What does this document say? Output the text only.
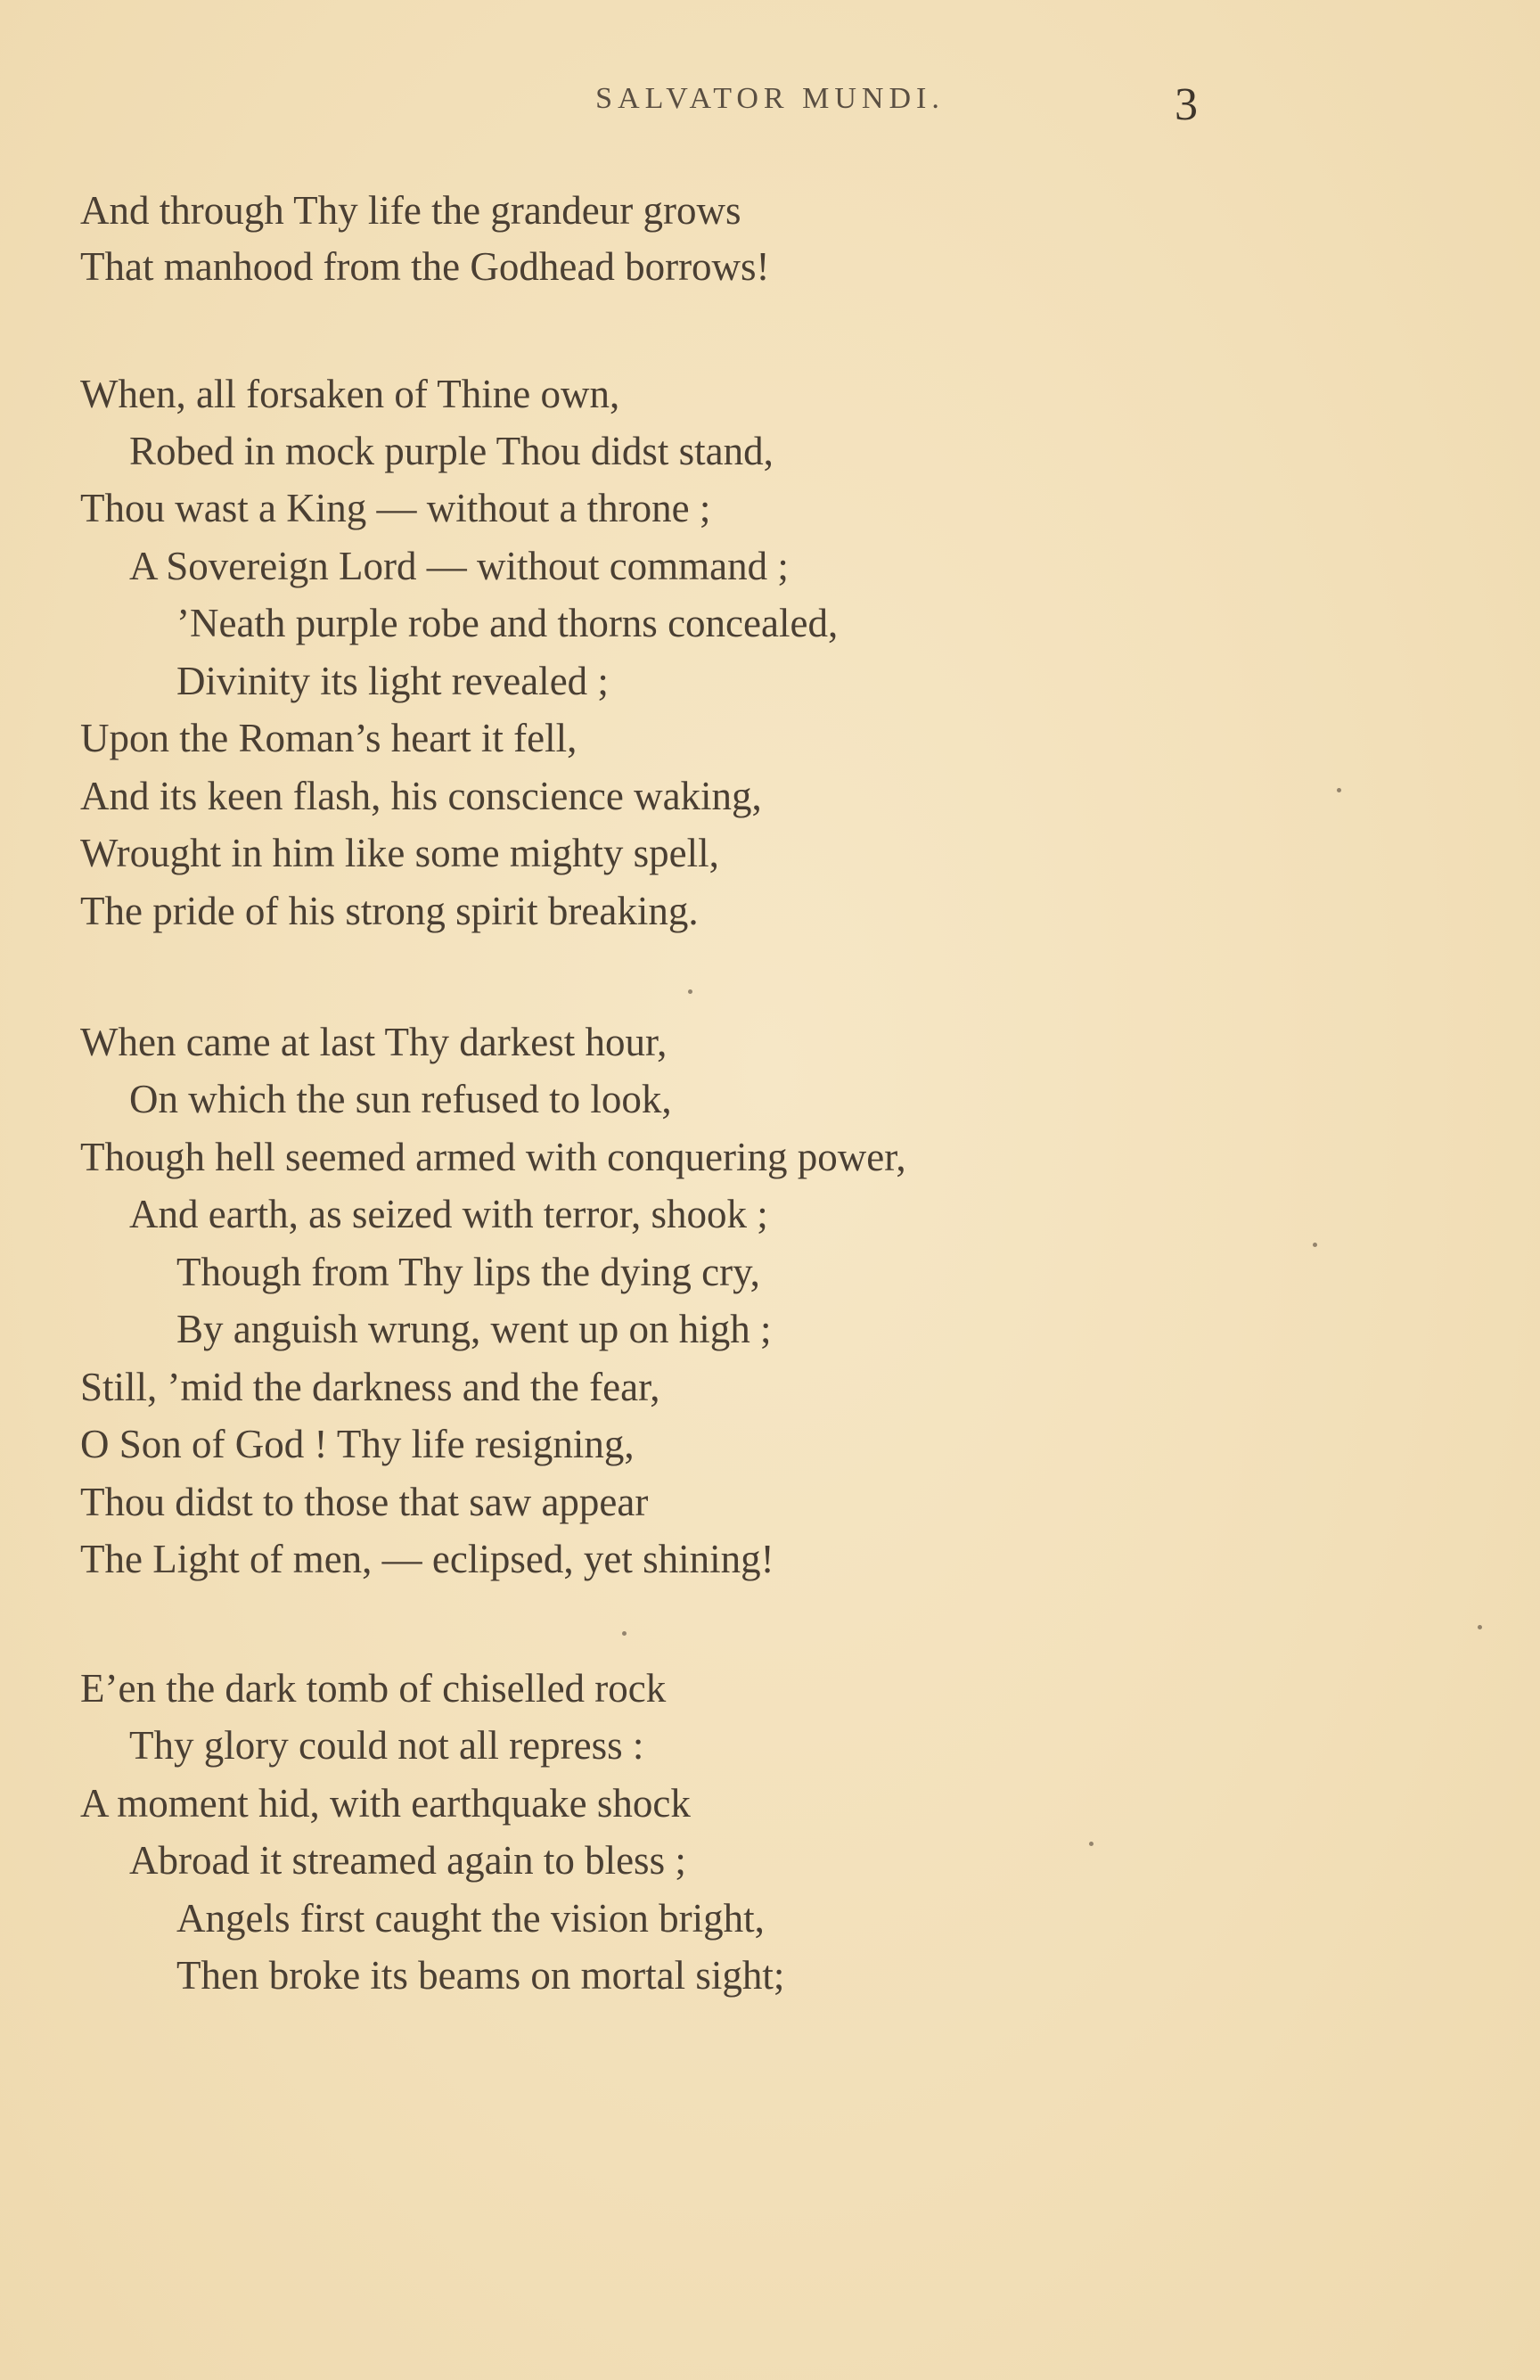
SALVATOR MUNDI.	3
And through Thy life the grandeur grows
That manhood from the Godhead borrows!
When, all forsaken of Thine own,
Robed in mock purple Thou didst stand,
Thou wast a King — without a throne ;
A Sovereign Lord — without command ;
’Neath purple robe and thorns concealed,
Divinity its light revealed ;
Upon the Roman’s heart it fell,
And its keen flash, his conscience waking,
Wrought in him like some mighty spell,
The pride of his strong spirit breaking.
When came at last Thy darkest hour,
On which the sun refused to look,
Though hell seemed armed with conquering power,
And earth, as seized with terror, shook ;
Though from Thy lips the dying cry,
By anguish wrung, went up on high ;
Still, ’mid the darkness and the fear,
O Son of God ! Thy life resigning,
Thou didst to those that saw appear
The Light of men, — eclipsed, yet shining!
E’en the dark tomb of chiselled rock
Thy glory could not all repress :
A moment hid, with earthquake shock
Abroad it streamed again to bless ;
Angels first caught the vision bright,
Then broke its beams on mortal sight;
